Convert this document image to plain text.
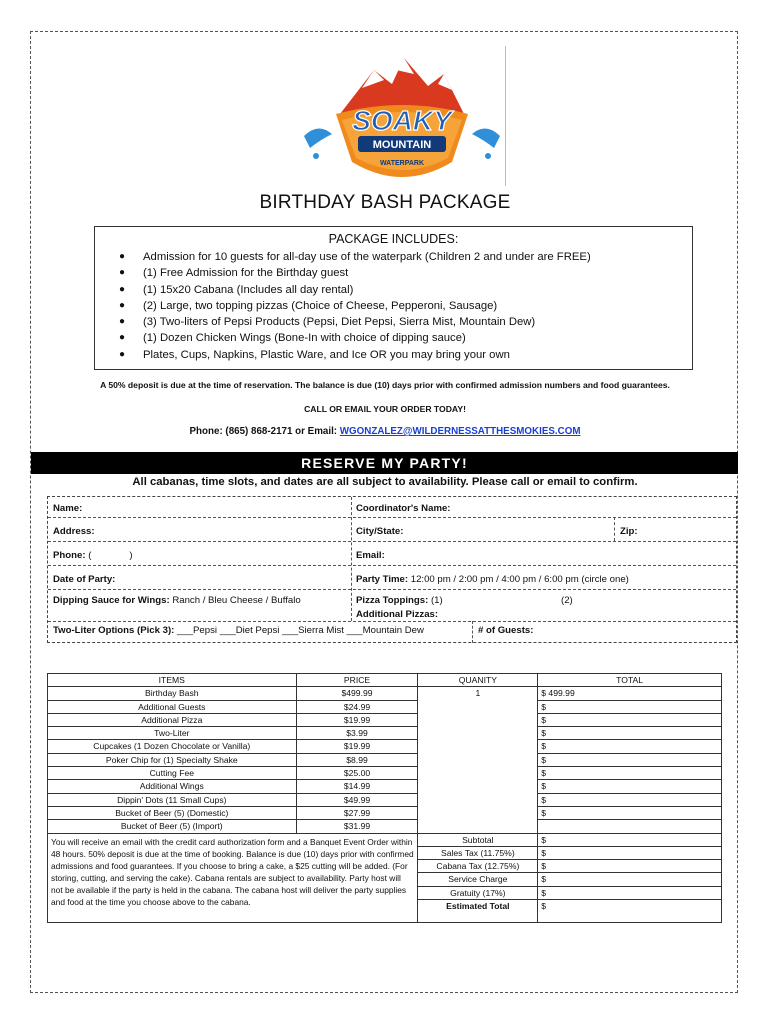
SOAKY
MOUNTAIN
WATERPARK
BIRTHDAY BASH PACKAGE
PACKAGE INCLUDES:
● Admission for 10 guests for all-day use of the waterpark (Children 2 and under are FREE)
● (1) Free Admission for the Birthday guest
● (1) 15x20 Cabana (Includes all day rental)
● (2) Large, two topping pizzas (Choice of Cheese, Pepperoni, Sausage)
● (3) Two-liters of Pepsi Products (Pepsi, Diet Pepsi, Sierra Mist, Mountain Dew)
● (1) Dozen Chicken Wings (Bone-In with choice of dipping sauce)
● Plates, Cups, Napkins, Plastic Ware, and Ice OR you may bring your own
A 50% deposit is due at the time of reservation. The balance is due (10) days prior with confirmed admission numbers and food guarantees.
CALL OR EMAIL YOUR ORDER TODAY!
Phone: (865) 868-2171 or Email: WGONZALEZ@WILDERNESSATTHESMOKIES.COM
RESERVE MY PARTY!
All cabanas, time slots, and dates are all subject to availability. Please call or email to confirm.
Name:	Coordinator's Name:
Address:	City/State:	Zip:
Phone: (	)	Email:
Date of Party:	Party Time: 12:00 pm / 2:00 pm / 4:00 pm / 6:00 pm (circle one)
Dipping Sauce for Wings: Ranch / Bleu Cheese / Buffalo	Pizza Toppings: (1)	(2)
Additional Pizzas:
Two-Liter Options (Pick 3): ___Pepsi ___Diet Pepsi ___Sierra Mist ___Mountain Dew	# of Guests:
ITEMS	PRICE	QUANITY	TOTAL
Birthday Bash	$499.99	1	$ 499.99
Additional Guests	$24.99		$
Additional Pizza	$19.99		$
Two-Liter	$3.99		$
Cupcakes (1 Dozen Chocolate or Vanilla)	$19.99		$
Poker Chip for (1) Specialty Shake	$8.99		$
Cutting Fee	$25.00		$
Additional Wings	$14.99		$
Dippin' Dots (11 Small Cups)	$49.99		$
Bucket of Beer (5) (Domestic)	$27.99		$
Bucket of Beer (5) (Import)	$31.99		
You will receive an email with the credit card authorization form and a Banquet Event Order within 48 hours. 50% deposit is due at the time of booking. Balance is due (10) days prior with confirmed admissions and food guarantees. If you choose to bring a cake, a $25 cutting will be added. (For storing, cutting, and serving the cake). Cabana rentals are subject to availability. Party host will not be available if the party is held in the cabana. The cabana host will deliver the party supplies and food at the time you choose above to the cabana.		Subtotal	$
		Sales Tax (11.75%)	$
		Cabana Tax (12.75%)	$
		Service Charge	$
		Gratuity (17%)	$
		Estimated Total	$
